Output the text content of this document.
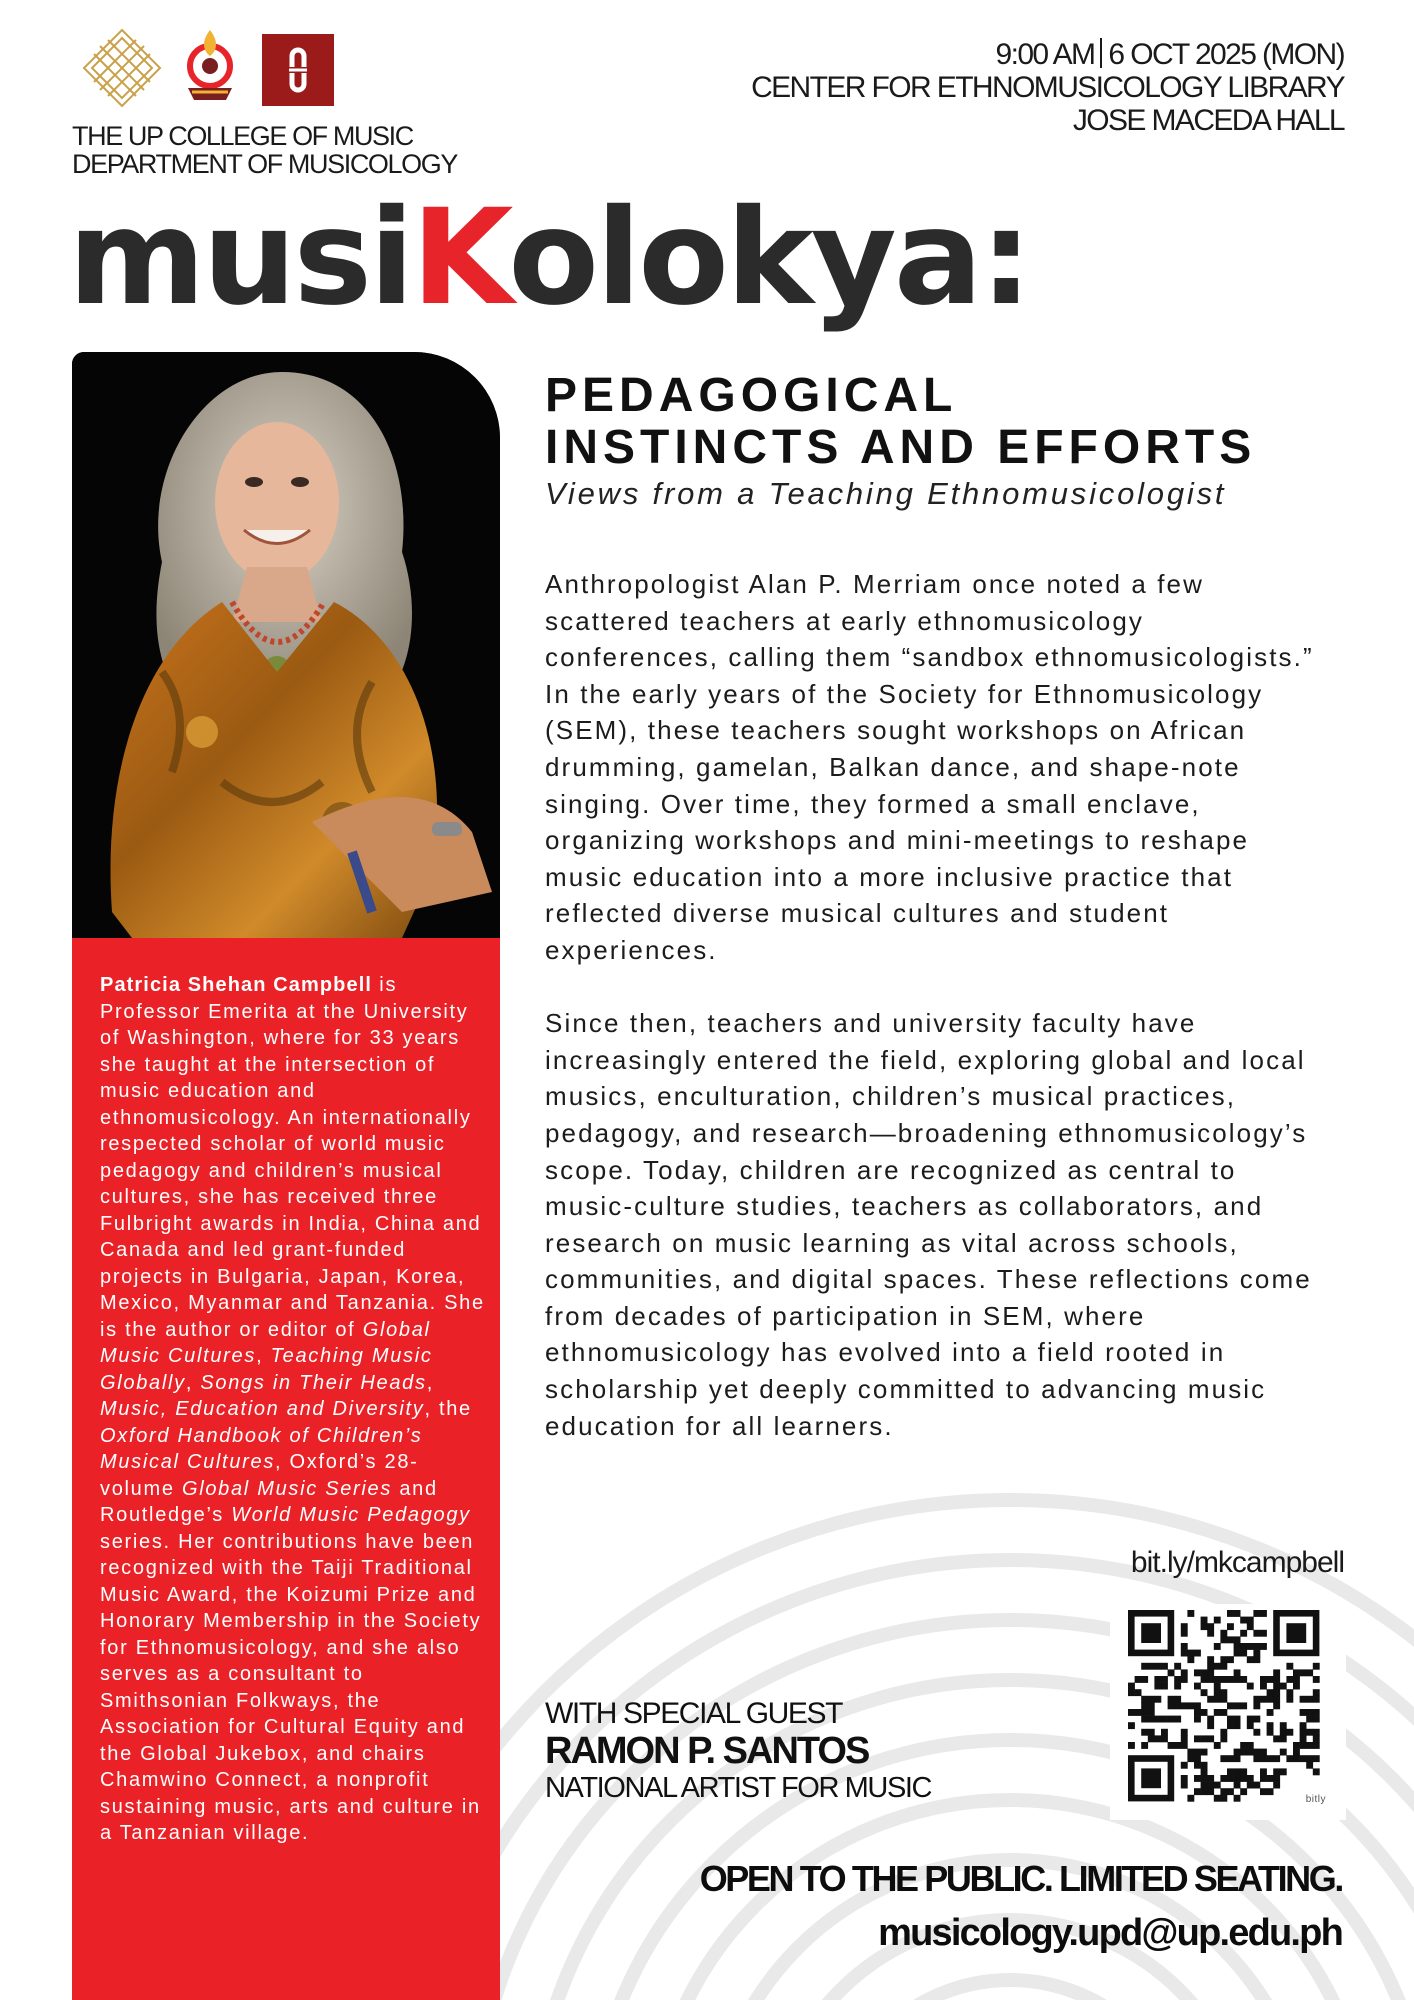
THE UP COLLEGE OF MUSIC
DEPARTMENT OF MUSICOLOGY
9:00 AM 6 OCT 2025 (MON)
CENTER FOR ETHNOMUSICOLOGY LIBRARY
JOSE MACEDA HALL
musiKolokya:
Patricia Shehan Campbell is Professor Emerita at the University of Washington, where for 33 years she taught at the intersection of music education and ethnomusicology. An internationally respected scholar of world music pedagogy and children’s musical cultures, she has received three Fulbright awards in India, China and Canada and led grant-funded projects in Bulgaria, Japan, Korea, Mexico, Myanmar and Tanzania. She is the author or editor of Global Music Cultures, Teaching Music Globally, Songs in Their Heads, Music, Education and Diversity, the Oxford Handbook of Children’s Musical Cultures, Oxford’s 28-volume Global Music Series and Routledge’s World Music Pedagogy series. Her contributions have been recognized with the Taiji Traditional Music Award, the Koizumi Prize and Honorary Membership in the Society for Ethnomusicology, and she also serves as a consultant to Smithsonian Folkways, the Association for Cultural Equity and the Global Jukebox, and chairs Chamwino Connect, a nonprofit sustaining music, arts and culture in a Tanzanian village.
PEDAGOGICAL
INSTINCTS AND EFFORTS
Views from a Teaching Ethnomusicologist

Anthropologist Alan P. Merriam once noted a few scattered teachers at early ethnomusicology conferences, calling them “sandbox ethnomusicologists.” In the early years of the Society for Ethnomusicology (SEM), these teachers sought workshops on African drumming, gamelan, Balkan dance, and shape-note singing. Over time, they formed a small enclave, organizing workshops and mini-meetings to reshape music education into a more inclusive practice that reflected diverse musical cultures and student experiences.

Since then, teachers and university faculty have increasingly entered the field, exploring global and local musics, enculturation, children’s musical practices, pedagogy, and research—broadening ethnomusicology’s scope. Today, children are recognized as central to music-culture studies, teachers as collaborators, and research on music learning as vital across schools, communities, and digital spaces. These reflections come from decades of participation in SEM, where ethnomusicology has evolved into a field rooted in scholarship yet deeply committed to advancing music education for all learners.

bit.ly/mkcampbell
bitly
WITH SPECIAL GUEST
RAMON P. SANTOS
NATIONAL ARTIST FOR MUSIC
OPEN TO THE PUBLIC. LIMITED SEATING.
musicology.upd@up.edu.ph
